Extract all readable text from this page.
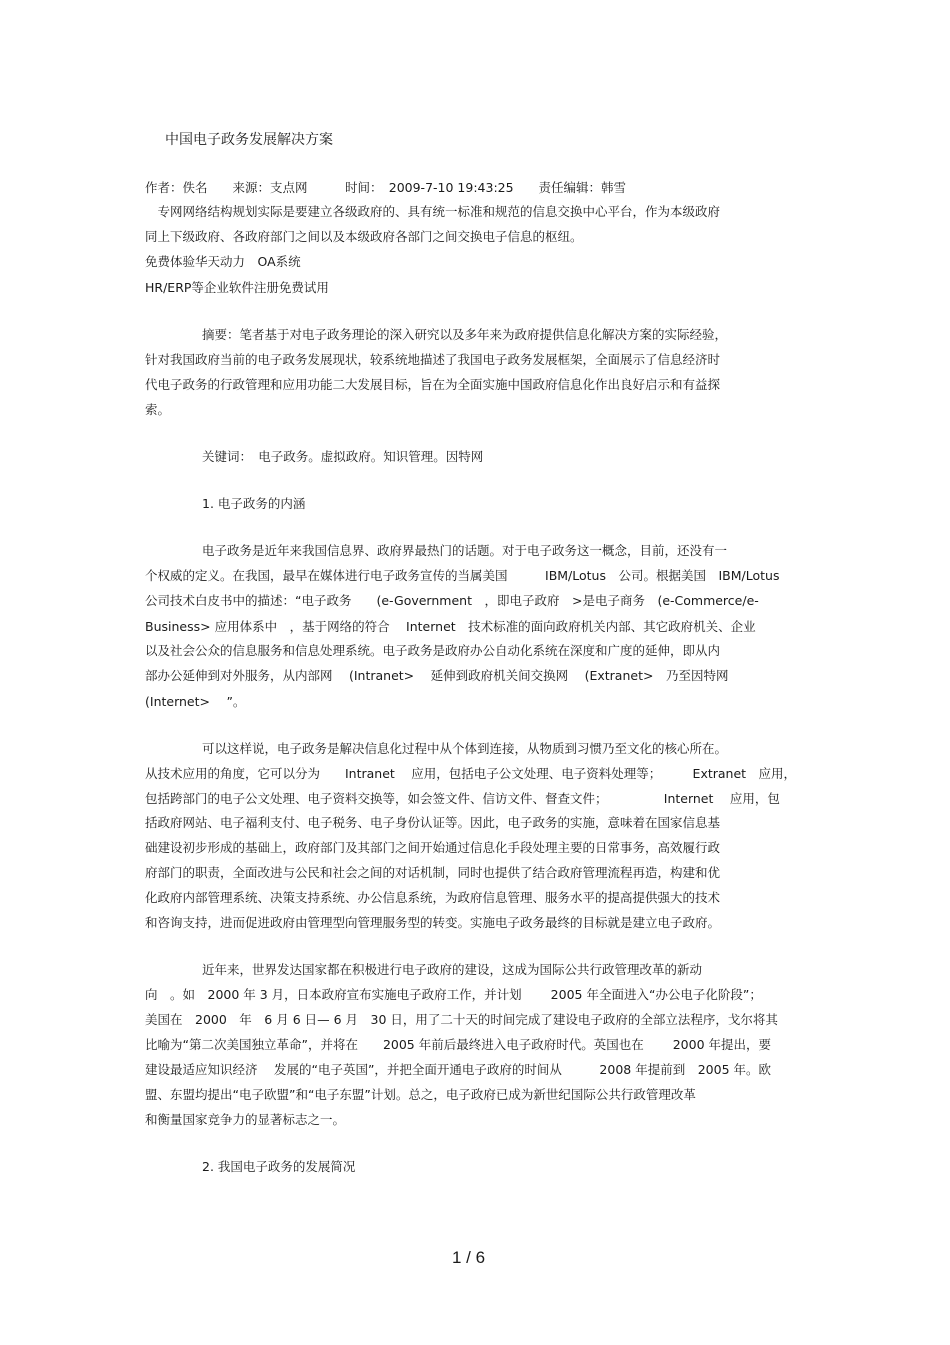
中国电子政务发展解决方案
作者：佚名　　来源：支点网　　　时间：　2009-7-10 19:43:25　　责任编辑：韩雪
　专网网络结构规划实际是要建立各级政府的、具有统一标准和规范的信息交换中心平台，作为本级政府
同上下级政府、各政府部门之间以及本级政府各部门之间交换电子信息的枢纽。
免费体验华天动力　OA系统
HR/ERP等企业软件注册免费试用
摘要：笔者基于对电子政务理论的深入研究以及多年来为政府提供信息化解决方案的实际经验，
针对我国政府当前的电子政务发展现状，较系统地描述了我国电子政务发展框架，全面展示了信息经济时
代电子政务的行政管理和应用功能二大发展目标，旨在为全面实施中国政府信息化作出良好启示和有益探
索。
关键词：　电子政务。虚拟政府。知识管理。因特网
1. 电子政务的内涵
电子政务是近年来我国信息界、政府界最热门的话题。对于电子政务这一概念，目前，还没有一
个权威的定义。在我国，最早在媒体进行电子政务宣传的当属美国　　　IBM/Lotus　公司。根据美国　IBM/Lotus
公司技术白皮书中的描述：“电子政务　　(e-Government　，即电子政府　>是电子商务　(e-Commerce/e-
Business> 应用体系中　，基于网络的符合　 Internet　技术标准的面向政府机关内部、其它政府机关、企业
以及社会公众的信息服务和信息处理系统。电子政务是政府办公自动化系统在深度和广度的延伸，即从内
部办公延伸到对外服务，从内部网　 (Intranet>　 延伸到政府机关间交换网　 (Extranet>　乃至因特网
(Internet>　 ”。
可以这样说，电子政务是解决信息化过程中从个体到连接，从物质到习惯乃至文化的核心所在。
从技术应用的角度，它可以分为　　Intranet　 应用，包括电子公文处理、电子资料处理等；　　　Extranet　应用，
包括跨部门的电子公文处理、电子资料交换等，如会签文件、信访文件、督查文件；　　　　　Internet　 应用，包
括政府网站、电子福利支付、电子税务、电子身份认证等。因此，电子政务的实施，意味着在国家信息基
础建设初步形成的基础上，政府部门及其部门之间开始通过信息化手段处理主要的日常事务，高效履行政
府部门的职责，全面改进与公民和社会之间的对话机制，同时也提供了结合政府管理流程再造，构建和优
化政府内部管理系统、决策支持系统、办公信息系统，为政府信息管理、服务水平的提高提供强大的技术
和咨询支持，进而促进政府由管理型向管理服务型的转变。实施电子政务最终的目标就是建立电子政府。
近年来，世界发达国家都在积极进行电子政府的建设，这成为国际公共行政管理改革的新动
向　。如　2000 年 3 月，日本政府宣布实施电子政府工作，并计划　　 2005 年全面进入“办公电子化阶段”；
美国在　2000　年　6 月 6 日— 6 月　30 日，用了二十天的时间完成了建设电子政府的全部立法程序，戈尔将其
比喻为“第二次美国独立革命”，并将在　　2005 年前后最终进入电子政府时代。英国也在　　 2000 年提出，要
建设最适应知识经济　 发展的“电子英国”，并把全面开通电子政府的时间从　　　2008 年提前到　2005 年。欧
盟、东盟均提出“电子欧盟”和“电子东盟”计划。总之，电子政府已成为新世纪国际公共行政管理改革
和衡量国家竞争力的显著标志之一。
2. 我国电子政务的发展简况
1 / 6
